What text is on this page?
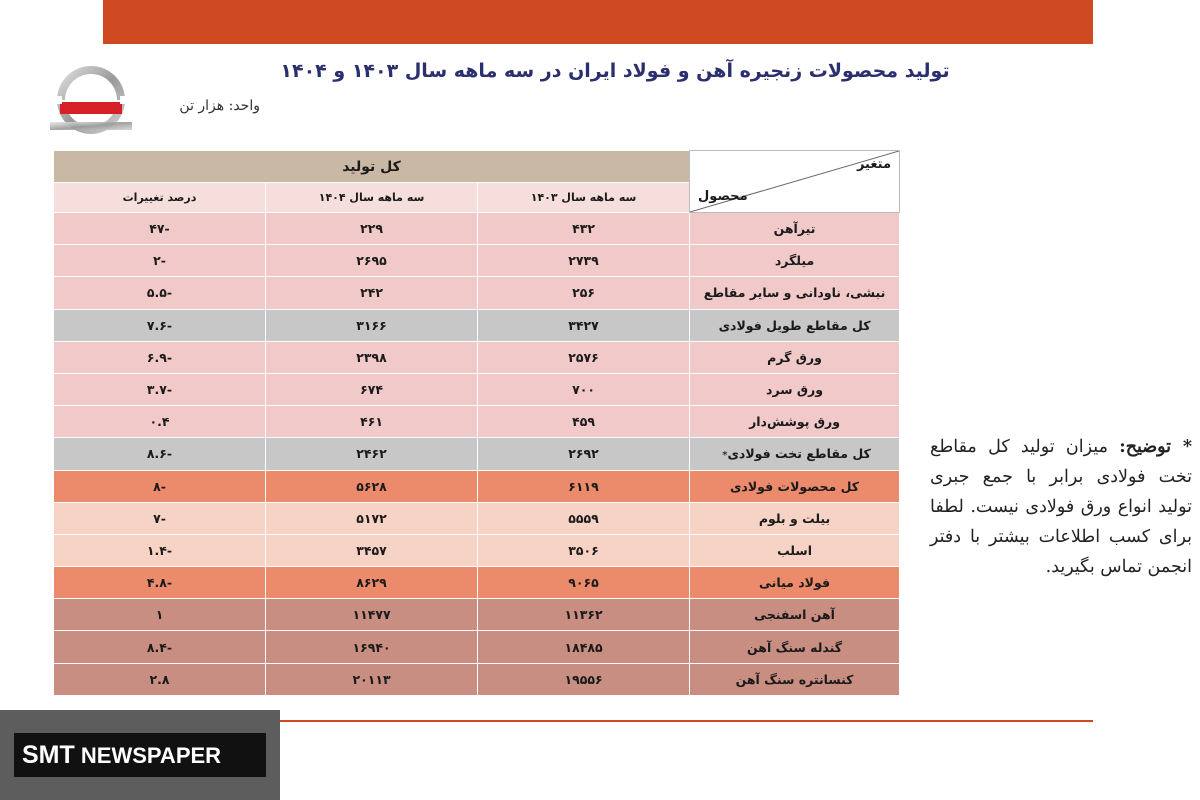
تولید محصولات زنجیره آهن و فولاد ایران در سه ماهه سال ۱۴۰۳ و ۱۴۰۴
واحد: هزار تن
متغیر
محصول	کل تولید		
	سه ماهه سال ۱۴۰۳	سه ماهه سال ۱۴۰۴	درصد تغییرات
تیرآهن	۴۳۲	۲۲۹	-۴۷
میلگرد	۲۷۳۹	۲۶۹۵	-۲
نبشی، ناودانی و سایر مقاطع	۲۵۶	۲۴۲	-۵.۵
کل مقاطع طویل فولادی	۳۴۲۷	۳۱۶۶	-۷.۶
ورق گرم	۲۵۷۶	۲۳۹۸	-۶.۹
ورق سرد	۷۰۰	۶۷۴	-۳.۷
ورق پوشش‌دار	۴۵۹	۴۶۱	۰.۴
کل مقاطع تخت فولادی*	۲۶۹۲	۲۴۶۲	-۸.۶
کل محصولات فولادی	۶۱۱۹	۵۶۲۸	-۸
بیلت و بلوم	۵۵۵۹	۵۱۷۲	-۷
اسلب	۳۵۰۶	۳۴۵۷	-۱.۴
فولاد میانی	۹۰۶۵	۸۶۲۹	-۴.۸
آهن اسفنجی	۱۱۳۶۲	۱۱۴۷۷	۱
گندله سنگ آهن	۱۸۴۸۵	۱۶۹۴۰	-۸.۴
کنسانتره سنگ آهن	۱۹۵۵۶	۲۰۱۱۳	۲.۸
* توضیح: میزان تولید کل مقاطع تخت فولادی برابر با جمع جبری تولید انواع ورق فولادی نیست. لطفا برای کسب اطلاعات بیشتر با دفتر انجمن تماس بگیرید.
SMT NEWSPAPER
